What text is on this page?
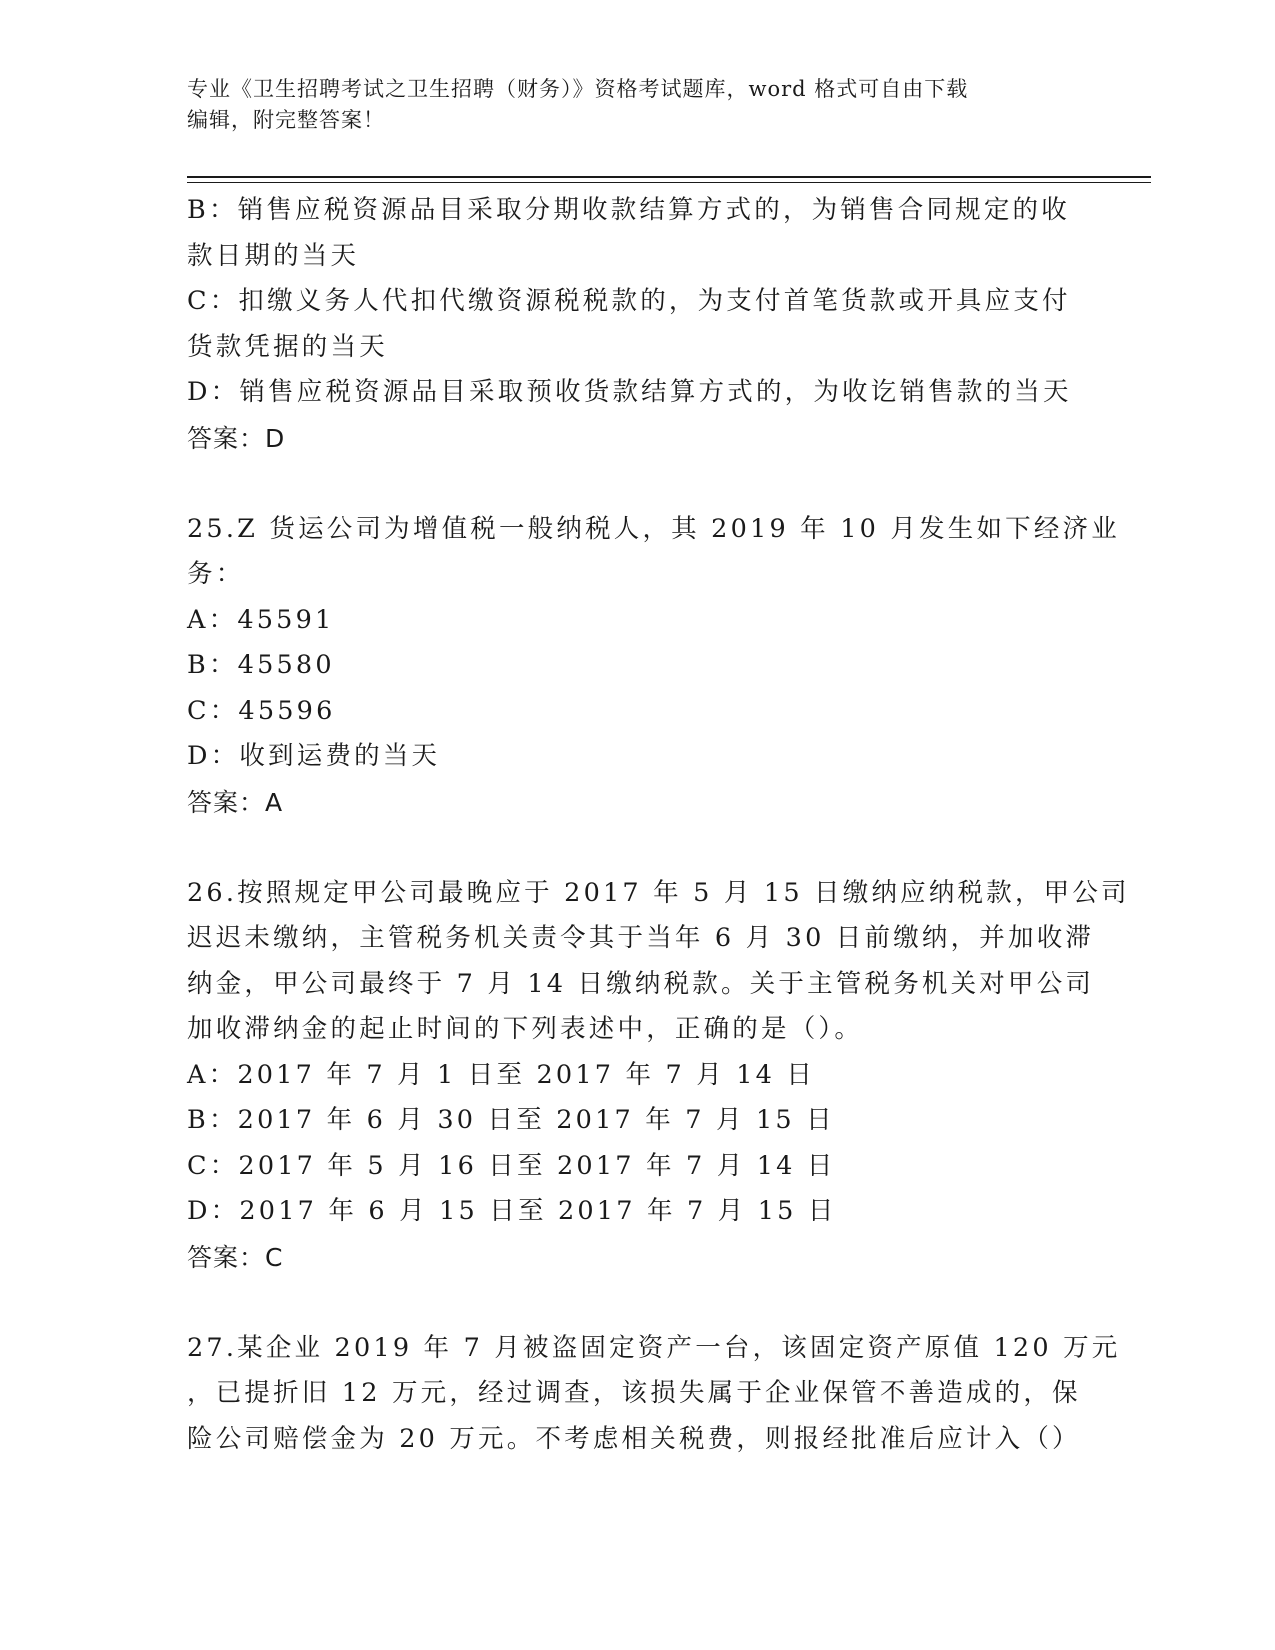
专业《卫生招聘考试之卫生招聘（财务）》资格考试题库，word 格式可自由下载
编辑，附完整答案！
B：销售应税资源品目采取分期收款结算方式的，为销售合同规定的收
款日期的当天
C：扣缴义务人代扣代缴资源税税款的，为支付首笔货款或开具应支付
货款凭据的当天
D：销售应税资源品目采取预收货款结算方式的，为收讫销售款的当天
答案：D
25.Z 货运公司为增值税一般纳税人，其 2019 年 10 月发生如下经济业
务：
A：45591
B：45580
C：45596
D：收到运费的当天
答案：A
26.按照规定甲公司最晚应于 2017 年 5 月 15 日缴纳应纳税款，甲公司
迟迟未缴纳，主管税务机关责令其于当年 6 月 30 日前缴纳，并加收滞
纳金，甲公司最终于 7 月 14 日缴纳税款。关于主管税务机关对甲公司
加收滞纳金的起止时间的下列表述中，正确的是（）。
A：2017 年 7 月 1 日至 2017 年 7 月 14 日
B：2017 年 6 月 30 日至 2017 年 7 月 15 日
C：2017 年 5 月 16 日至 2017 年 7 月 14 日
D：2017 年 6 月 15 日至 2017 年 7 月 15 日
答案：C
27.某企业 2019 年 7 月被盗固定资产一台，该固定资产原值 120 万元
，已提折旧 12 万元，经过调查，该损失属于企业保管不善造成的，保
险公司赔偿金为 20 万元。不考虑相关税费，则报经批准后应计入（）
